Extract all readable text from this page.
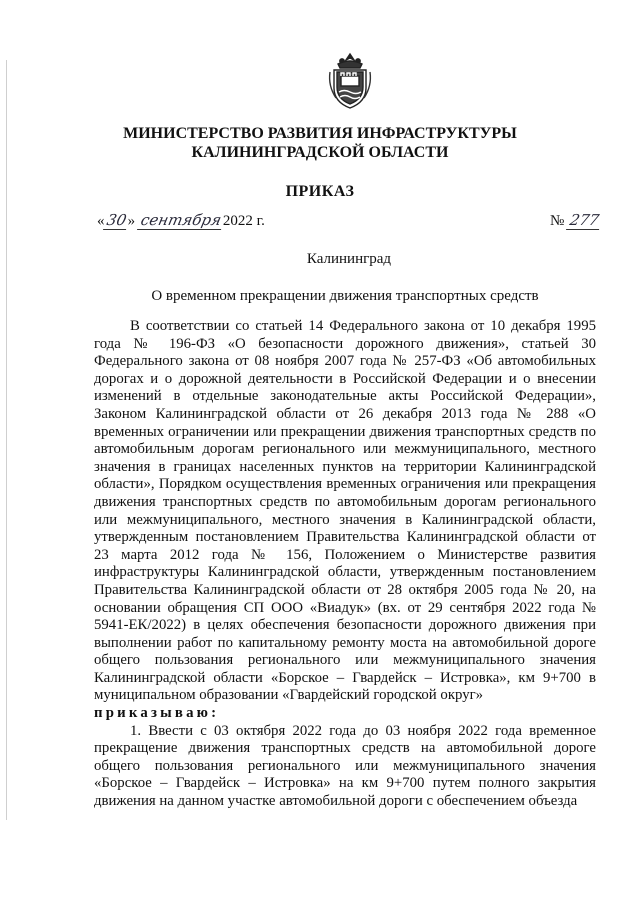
МИНИСТЕРСТВО РАЗВИТИЯ ИНФРАСТРУКТУРЫ
КАЛИНИНГРАДСКОЙ ОБЛАСТИ
ПРИКАЗ
«30» сентября2022 г.	№ 277
Калининград
О временном прекращении движения транспортных средств

В соответствии со статьей 14 Федерального закона от 10 декабря 1995 года № 196-ФЗ «О безопасности дорожного движения», статьей 30 Федерального закона от 08 ноября 2007 года № 257-ФЗ «Об автомобильных дорогах и о дорожной деятельности в Российской Федерации и о внесении изменений в отдельные законодательные акты Российской Федерации», Законом Калининградской области от 26 декабря 2013 года № 288 «О временных ограничении или прекращении движения транспортных средств по автомобильным дорогам регионального или межмуниципального, местного значения в границах населенных пунктов на территории Калининградской области», Порядком осуществления временных ограничения или прекращения движения транспортных средств по автомобильным дорогам регионального или межмуниципального, местного значения в Калининградской области, утвержденным постановлением Правительства Калининградской области от 23 марта 2012 года № 156, Положением о Министерстве развития инфраструктуры Калининградской области, утвержденным постановлением Правительства Калининградской области от 28 октября 2005 года № 20, на основании обращения СП ООО «Виадук» (вх. от 29 сентября 2022 года № 5941-ЕК/2022) в целях обеспечения безопасности дорожного движения при выполнении работ по капитальному ремонту моста на автомобильной дороге общего пользования регионального или межмуниципального значения Калининградской области «Борское – Гвардейск – Истровка», км 9+700 в муниципальном образовании «Гвардейский городской округ»

приказываю:

1. Ввести с 03 октября 2022 года до 03 ноября 2022 года временное прекращение движения транспортных средств на автомобильной дороге общего пользования регионального или межмуниципального значения «Борское – Гвардейск – Истровка» на км 9+700 путем полного закрытия движения на данном участке автомобильной дороги с обеспечением объезда
